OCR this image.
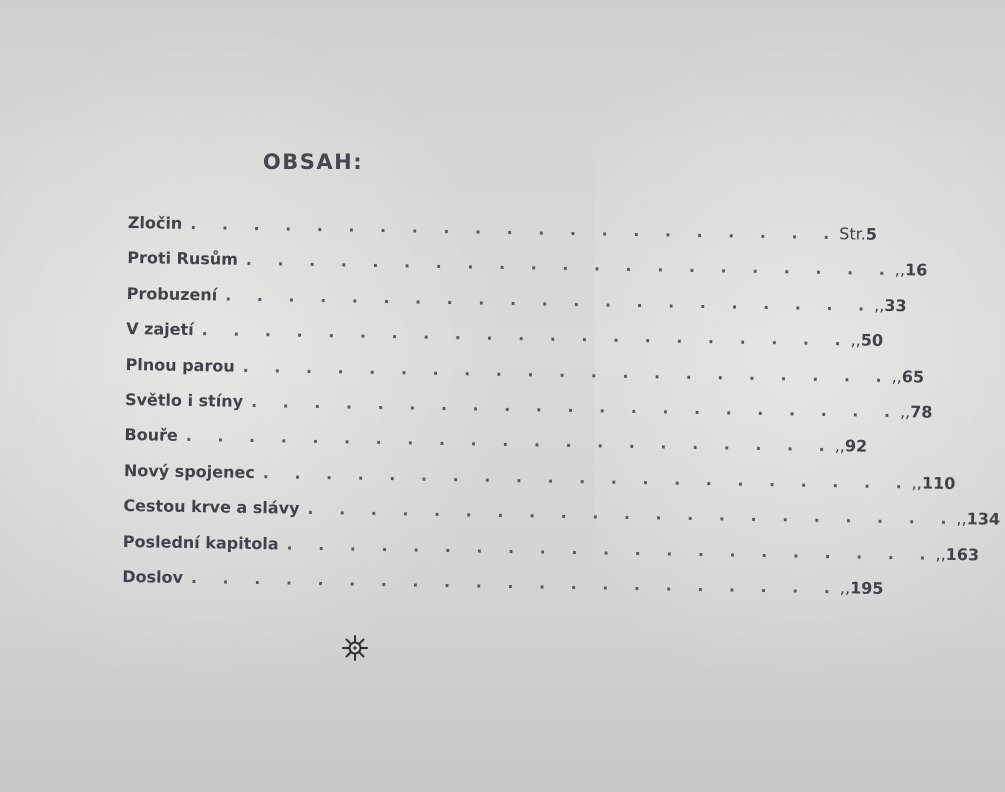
OBSAH:
Zločin . . . . . . . . . . . . . . . . . . . . . Str. 5
Proti Rusům . . . . . . . . . . . . . . . . . . . . . ,, 16
Probuzení . . . . . . . . . . . . . . . . . . . . . ,, 33
V zajetí . . . . . . . . . . . . . . . . . . . . . ,, 50
Plnou parou . . . . . . . . . . . . . . . . . . . . . ,, 65
Světlo i stíny . . . . . . . . . . . . . . . . . . . . . ,, 78
Bouře . . . . . . . . . . . . . . . . . . . . . ,, 92
Nový spojenec . . . . . . . . . . . . . . . . . . . . . ,, 110
Cestou krve a slávy . . . . . . . . . . . . . . . . . . . . . ,, 134
Poslední kapitola . . . . . . . . . . . . . . . . . . . . . ,, 163
Doslov . . . . . . . . . . . . . . . . . . . . . ,, 195
